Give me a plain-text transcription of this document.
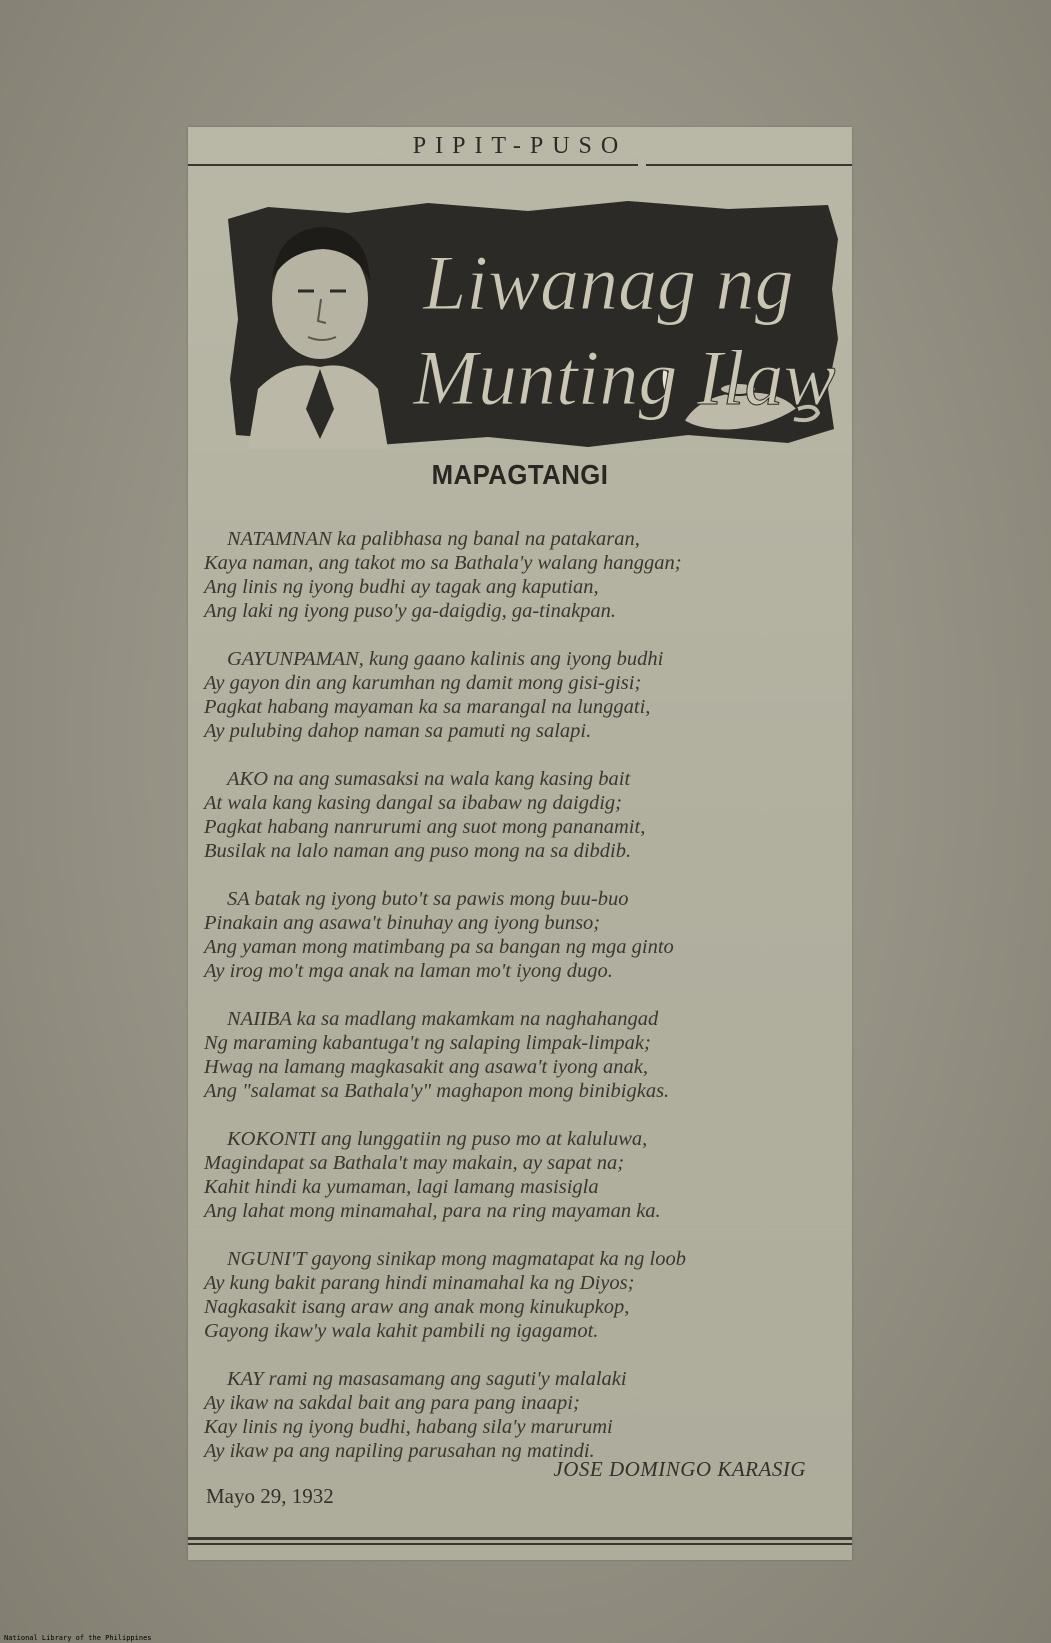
PIPIT-PUSO
Liwanag ng
Munting Ilaw
MAPAGTANGI
NATAMNAN ka palibhasa ng banal na patakaran,
Kaya naman, ang takot mo sa Bathala'y walang hanggan;
Ang linis ng iyong budhi ay tagak ang kaputian,
Ang laki ng iyong puso'y ga-daigdig, ga-tinakpan.
GAYUNPAMAN, kung gaano kalinis ang iyong budhi
Ay gayon din ang karumhan ng damit mong gisi-gisi;
Pagkat habang mayaman ka sa marangal na lunggati,
Ay pulubing dahop naman sa pamuti ng salapi.
AKO na ang sumasaksi na wala kang kasing bait
At wala kang kasing dangal sa ibabaw ng daigdig;
Pagkat habang nanrurumi ang suot mong pananamit,
Busilak na lalo naman ang puso mong na sa dibdib.
SA batak ng iyong buto't sa pawis mong buu-buo
Pinakain ang asawa't binuhay ang iyong bunso;
Ang yaman mong matimbang pa sa bangan ng mga ginto
Ay irog mo't mga anak na laman mo't iyong dugo.
NAIIBA ka sa madlang makamkam na naghahangad
Ng maraming kabantuga't ng salaping limpak-limpak;
Hwag na lamang magkasakit ang asawa't iyong anak,
Ang "salamat sa Bathala'y" maghapon mong binibigkas.
KOKONTI ang lunggatiin ng puso mo at kaluluwa,
Magindapat sa Bathala't may makain, ay sapat na;
Kahit hindi ka yumaman, lagi lamang masisigla
Ang lahat mong minamahal, para na ring mayaman ka.
NGUNI'T gayong sinikap mong magmatapat ka ng loob
Ay kung bakit parang hindi minamahal ka ng Diyos;
Nagkasakit isang araw ang anak mong kinukupkop,
Gayong ikaw'y wala kahit pambili ng igagamot.
KAY rami ng masasamang ang saguti'y malalaki
Ay ikaw na sakdal bait ang para pang inaapi;
Kay linis ng iyong budhi, habang sila'y marurumi
Ay ikaw pa ang napiling parusahan ng matindi.
JOSE DOMINGO KARASIG
Mayo 29, 1932
National Library of the Philippines
